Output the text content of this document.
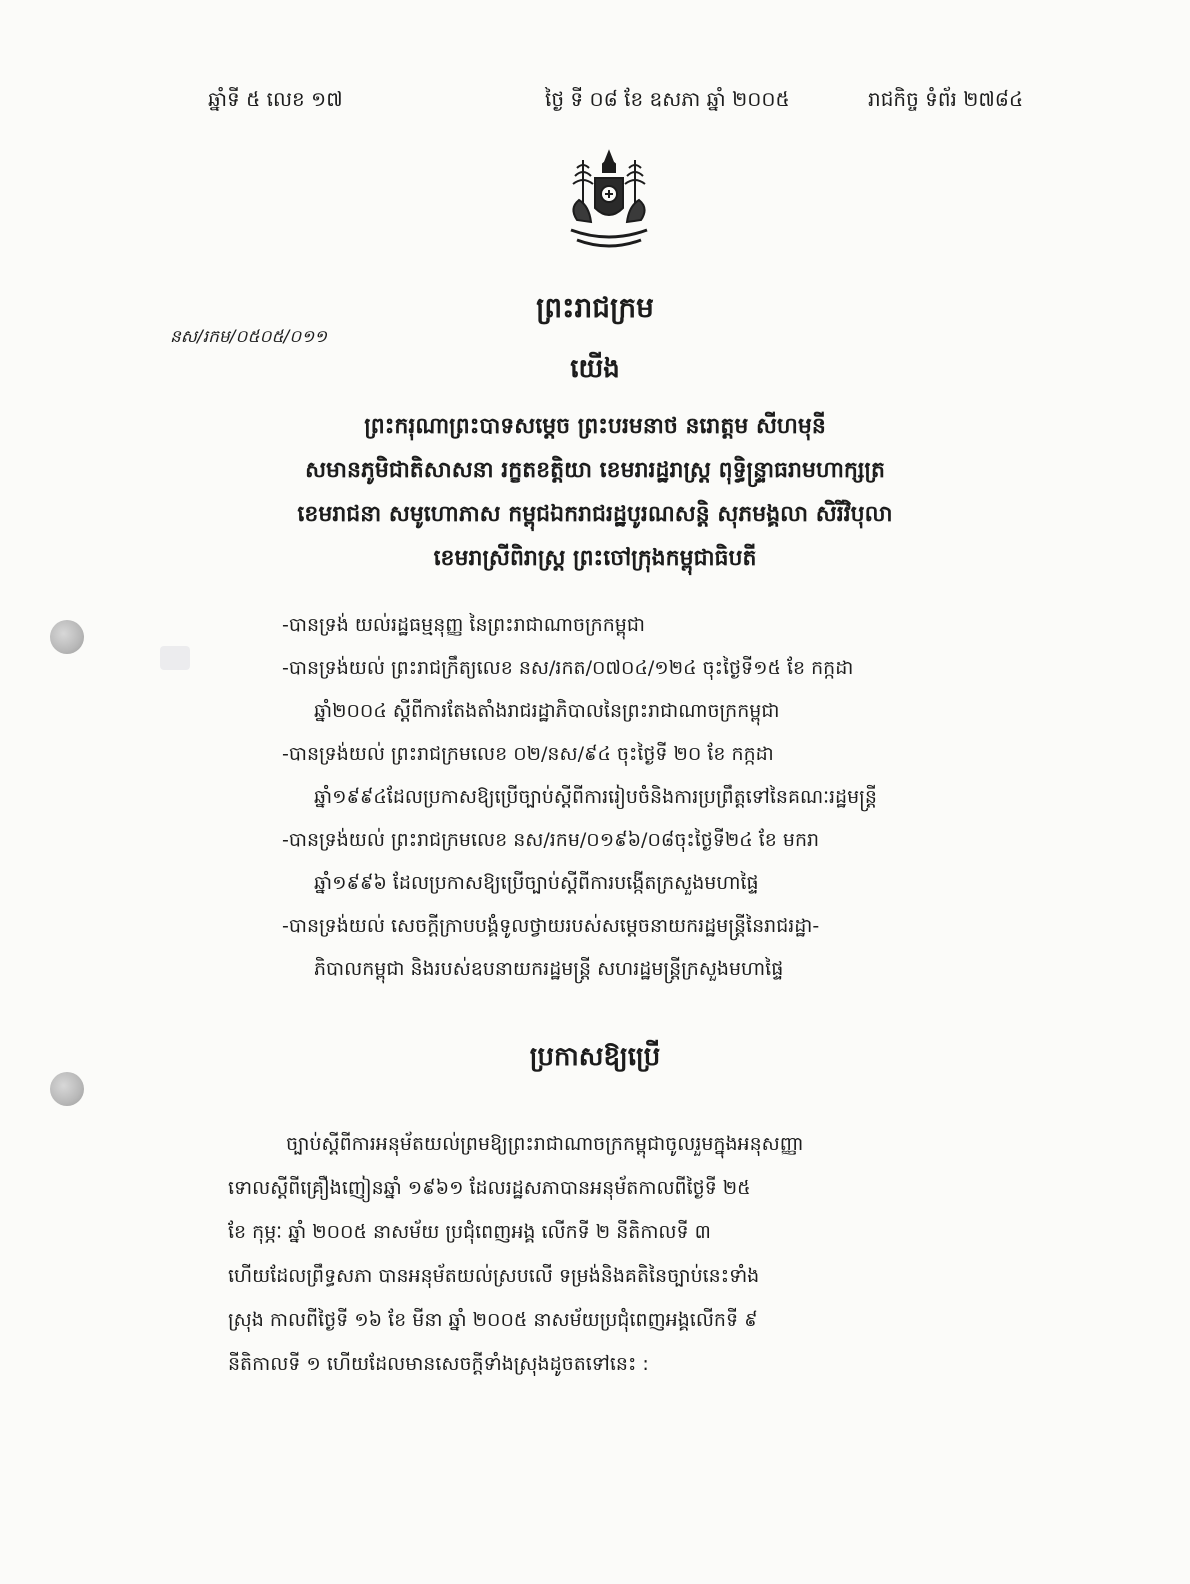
ឆ្នាំទី ៥ លេខ ១៧	ថ្ងៃ ទី ០៨ ខែ ឧសភា ឆ្នាំ ២០០៥	រាជកិច្ច ទំព័រ ២៧៨៤
ព្រះរាជក្រម
នស/រកម/០៥០៥/០១១
យើង
ព្រះករុណាព្រះបាទសម្តេច ព្រះបរមនាថ នរោត្តម សីហមុនី
សមានភូមិជាតិសាសនា រក្ខតខត្តិយា ខេមរារដ្ឋរាស្ត្រ ពុទ្ធិន្ទ្រាធរាមហាក្សត្រ
ខេមរាជនា សមូហោភាស កម្ពុជឯករាជរដ្ឋបូរណសន្តិ សុភមង្គលា សិរីវិបុលា
ខេមរាស្រីពិរាស្ត្រ ព្រះចៅក្រុងកម្ពុជាធិបតី
-បានទ្រង់ យល់រដ្ឋធម្មនុញ្ញ នៃព្រះរាជាណាចក្រកម្ពុជា
-បានទ្រង់យល់ ព្រះរាជក្រឹត្យលេខ នស/រកត/០៧០៤/១២៤ ចុះថ្ងៃទី១៥ ខែ កក្កដា
ឆ្នាំ២០០៤ ស្តីពីការតែងតាំងរាជរដ្ឋាភិបាលនៃព្រះរាជាណាចក្រកម្ពុជា
-បានទ្រង់យល់ ព្រះរាជក្រមលេខ ០២/នស/៩៤ ចុះថ្ងៃទី ២០ ខែ កក្កដា
ឆ្នាំ១៩៩៤ដែលប្រកាសឱ្យប្រើច្បាប់ស្តីពីការរៀបចំនិងការប្រព្រឹត្តទៅនៃគណៈរដ្ឋមន្ត្រី
-បានទ្រង់យល់ ព្រះរាជក្រមលេខ នស/រកម/០១៩៦/០៨ចុះថ្ងៃទី២៤ ខែ មករា
ឆ្នាំ១៩៩៦ ដែលប្រកាសឱ្យប្រើច្បាប់ស្តីពីការបង្កើតក្រសួងមហាផ្ទៃ
-បានទ្រង់យល់ សេចក្តីក្រាបបង្គំទូលថ្វាយរបស់សម្តេចនាយករដ្ឋមន្ត្រីនៃរាជរដ្ឋា-
ភិបាលកម្ពុជា និងរបស់ឧបនាយករដ្ឋមន្ត្រី សហរដ្ឋមន្ត្រីក្រសួងមហាផ្ទៃ
ប្រកាសឱ្យប្រើ
ច្បាប់ស្តីពីការអនុម័តយល់ព្រមឱ្យព្រះរាជាណាចក្រកម្ពុជាចូលរួមក្នុងអនុសញ្ញា
ទោលស្តីពីគ្រឿងញៀនឆ្នាំ ១៩៦១ ដែលរដ្ឋសភាបានអនុម័តកាលពីថ្ងៃទី ២៥
ខែ កុម្ភៈ ឆ្នាំ ២០០៥ នាសម័យ ប្រជុំពេញអង្គ លើកទី ២ នីតិកាលទី ៣
ហើយដែលព្រឹទ្ធសភា បានអនុម័តយល់ស្របលើ ទម្រង់និងគតិនៃច្បាប់នេះទាំង
ស្រុង កាលពីថ្ងៃទី ១៦ ខែ មីនា ឆ្នាំ ២០០៥ នាសម័យប្រជុំពេញអង្គលើកទី ៩
នីតិកាលទី ១ ហើយដែលមានសេចក្តីទាំងស្រុងដូចតទៅនេះ :
